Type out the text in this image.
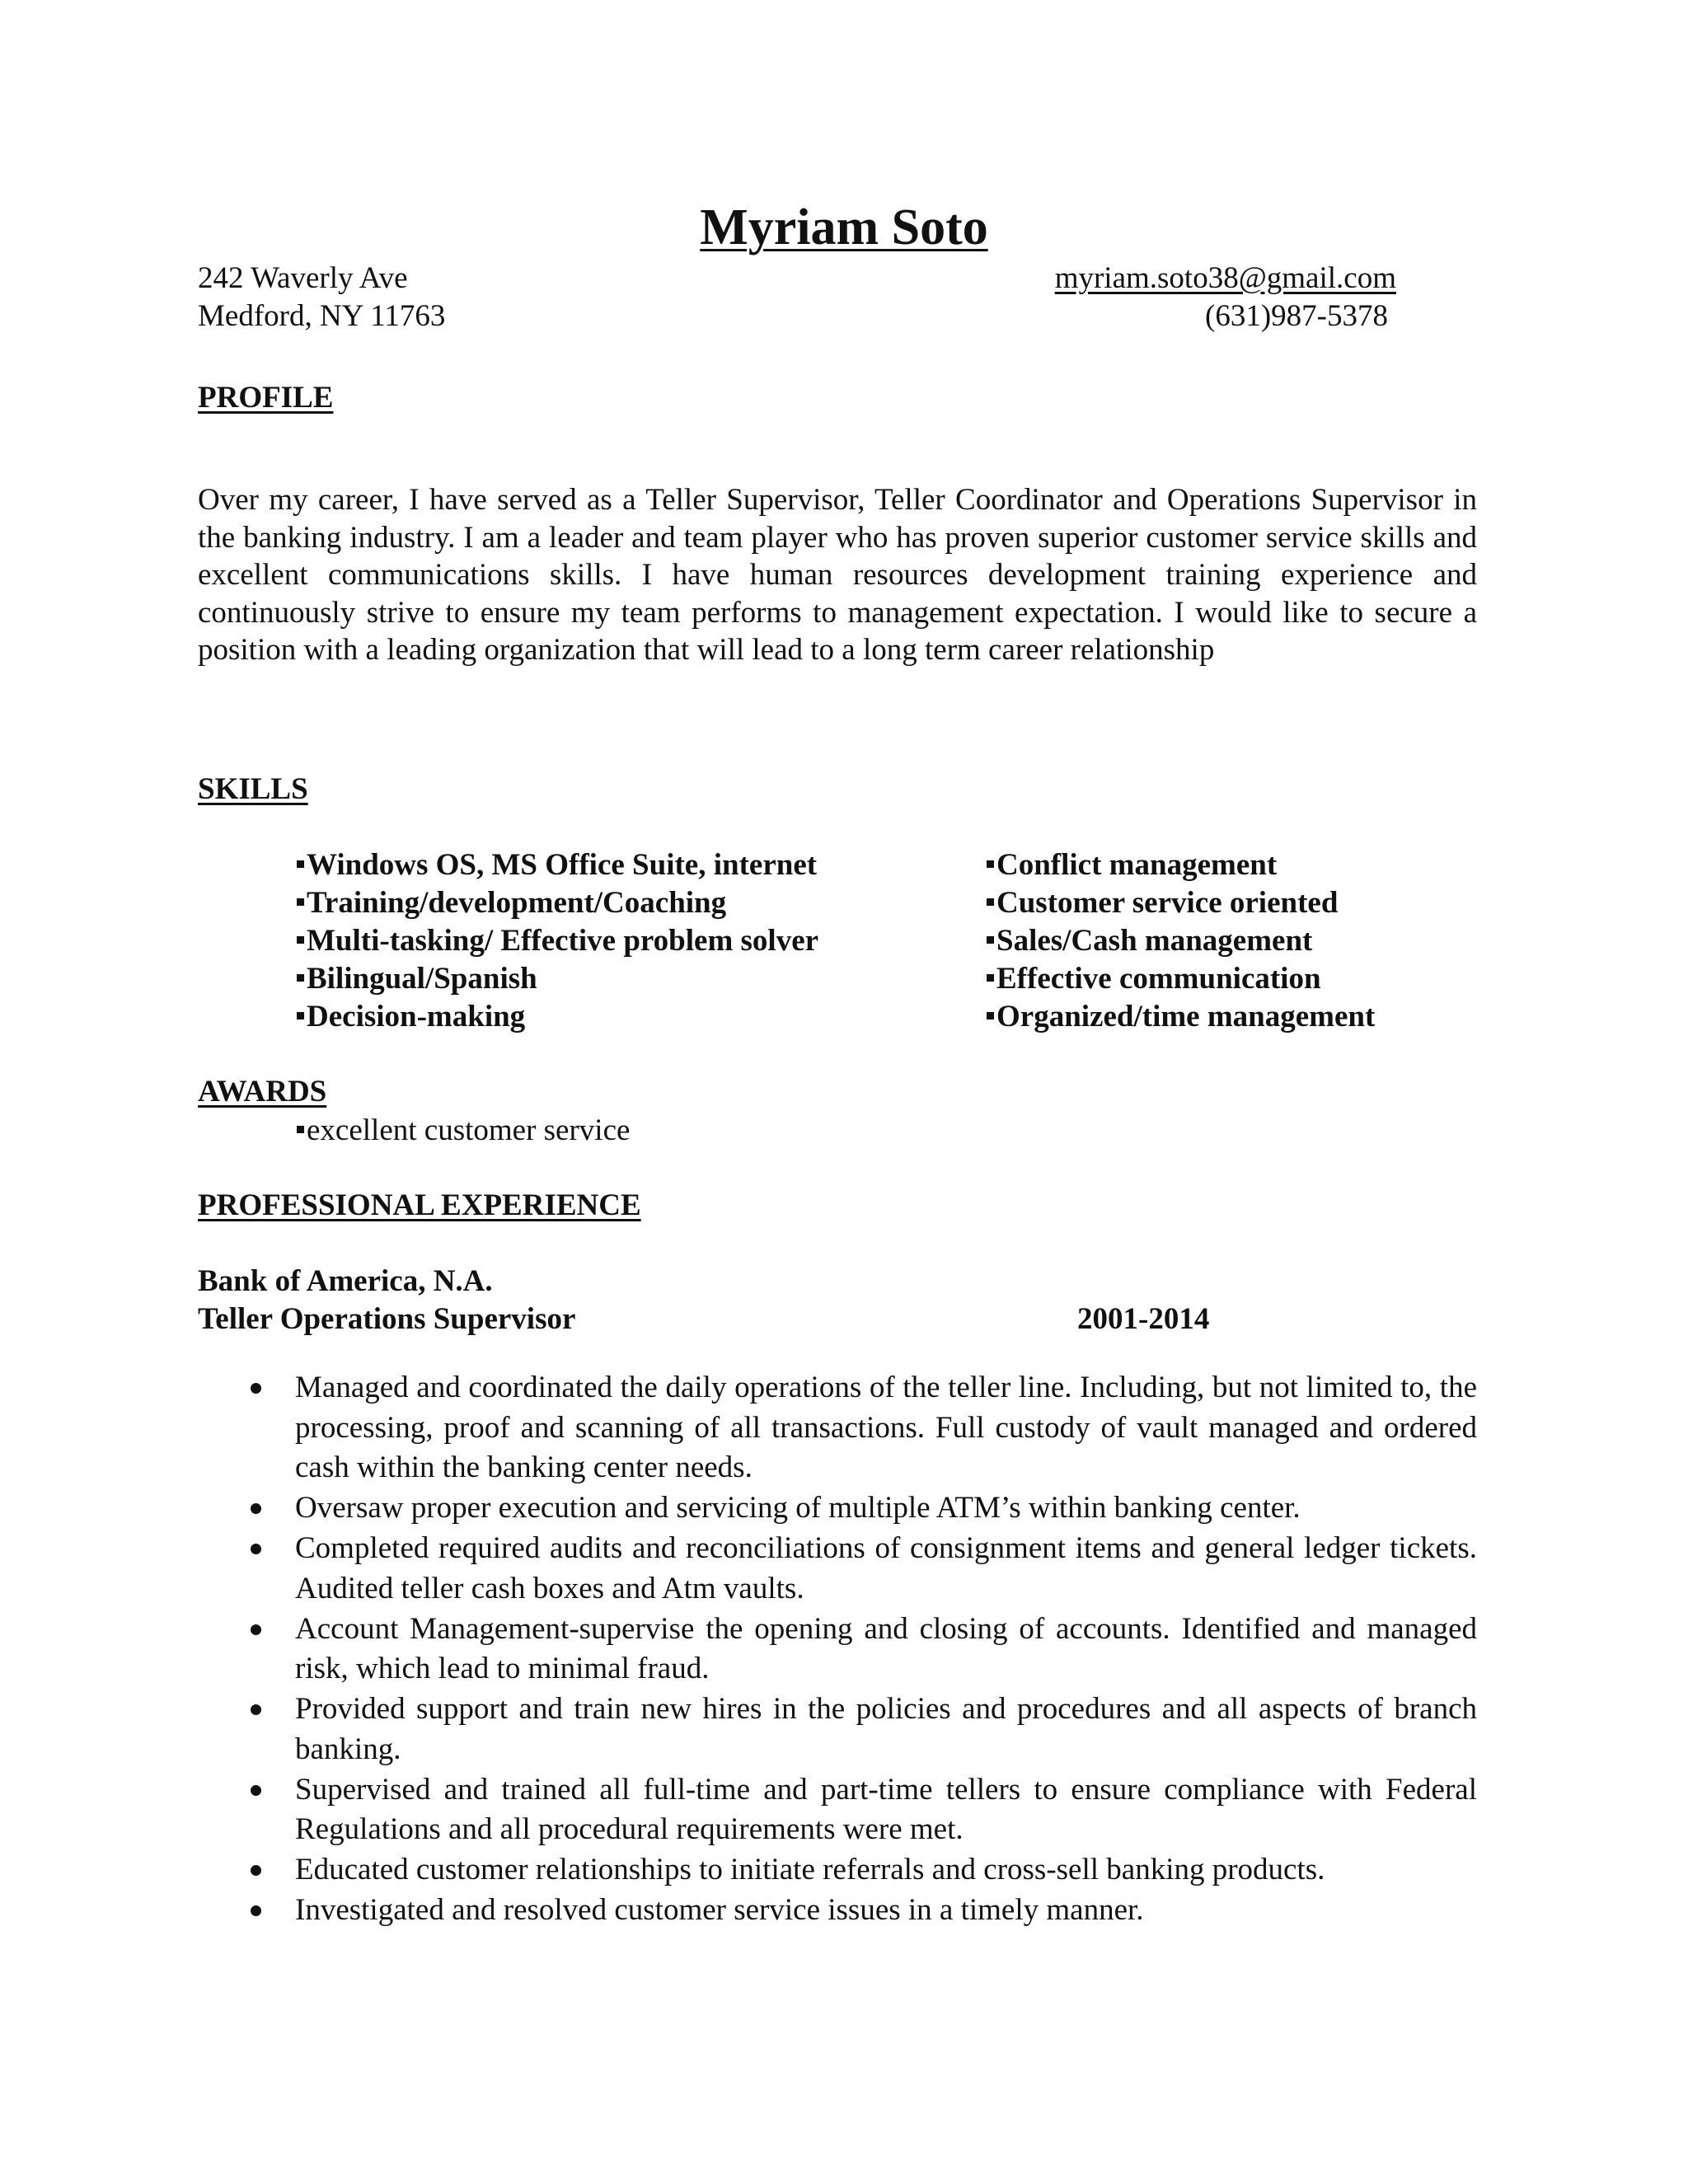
Myriam Soto
242 Waverly Ave
Medford, NY 11763
myriam.soto38@gmail.com
(631)987-5378
PROFILE
Over my career, I have served as a Teller Supervisor, Teller Coordinator and Operations Supervisor in the banking industry. I am a leader and team player who has proven superior customer service skills and excellent communications skills. I have human resources development training experience and continuously strive to ensure my team performs to management expectation. I would like to secure a position with a leading organization that will lead to a long term career relationship
SKILLS
Windows OS, MS Office Suite, internet
Training/development/Coaching
Multi-tasking/ Effective problem solver
Bilingual/Spanish
Decision-making
Conflict management
Customer service oriented
Sales/Cash management
Effective communication
Organized/time management
AWARDS
excellent customer service
PROFESSIONAL EXPERIENCE
Bank of America, N.A.
Teller Operations Supervisor	2001-2014
Managed and coordinated the daily operations of the teller line. Including, but not limited to, the processing, proof and scanning of all transactions. Full custody of vault managed and ordered cash within the banking center needs.
Oversaw proper execution and servicing of multiple ATM’s within banking center.
Completed required audits and reconciliations of consignment items and general ledger tickets. Audited teller cash boxes and Atm vaults.
Account Management-supervise the opening and closing of accounts. Identified and managed risk, which lead to minimal fraud.
Provided support and train new hires in the policies and procedures and all aspects of branch banking.
Supervised and trained all full-time and part-time tellers to ensure compliance with Federal Regulations and all procedural requirements were met.
Educated customer relationships to initiate referrals and cross-sell banking products.
Investigated and resolved customer service issues in a timely manner.
